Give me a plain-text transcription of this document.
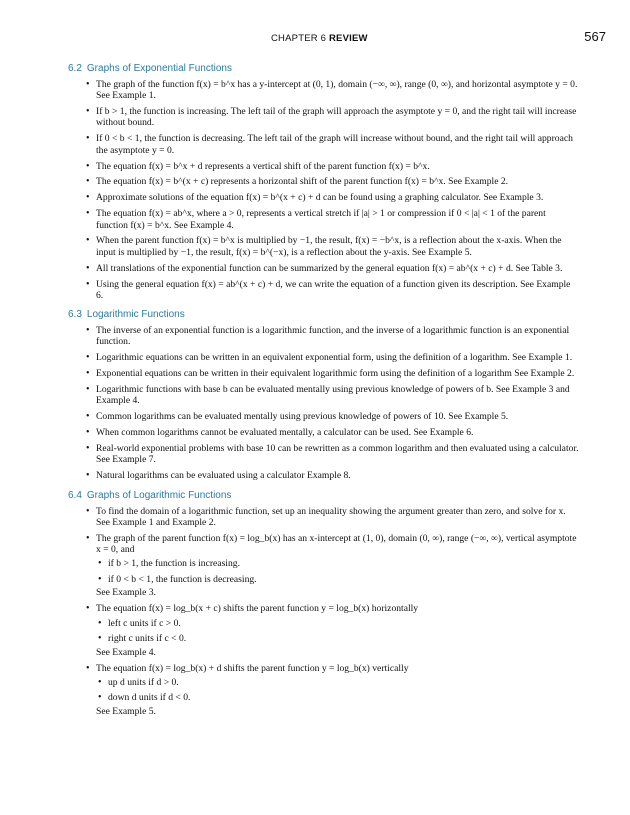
CHAPTER 6 REVIEW	567
6.2 Graphs of Exponential Functions
• The graph of the function f(x) = b^x has a y-intercept at (0, 1), domain (−∞, ∞), range (0, ∞), and horizontal asymptote y = 0. See Example 1.
• If b > 1, the function is increasing. The left tail of the graph will approach the asymptote y = 0, and the right tail will increase without bound.
• If 0 < b < 1, the function is decreasing. The left tail of the graph will increase without bound, and the right tail will approach the asymptote y = 0.
• The equation f(x) = b^x + d represents a vertical shift of the parent function f(x) = b^x.
• The equation f(x) = b^(x + c) represents a horizontal shift of the parent function f(x) = b^x. See Example 2.
• Approximate solutions of the equation f(x) = b^(x + c) + d can be found using a graphing calculator. See Example 3.
• The equation f(x) = ab^x, where a > 0, represents a vertical stretch if |a| > 1 or compression if 0 < |a| < 1 of the parent function f(x) = b^x. See Example 4.
• When the parent function f(x) = b^x is multiplied by −1, the result, f(x) = −b^x, is a reflection about the x-axis. When the input is multiplied by −1, the result, f(x) = b^(−x), is a reflection about the y-axis. See Example 5.
• All translations of the exponential function can be summarized by the general equation f(x) = ab^(x + c) + d. See Table 3.
• Using the general equation f(x) = ab^(x + c) + d, we can write the equation of a function given its description. See Example 6.
6.3 Logarithmic Functions
• The inverse of an exponential function is a logarithmic function, and the inverse of a logarithmic function is an exponential function.
• Logarithmic equations can be written in an equivalent exponential form, using the definition of a logarithm. See Example 1.
• Exponential equations can be written in their equivalent logarithmic form using the definition of a logarithm See Example 2.
• Logarithmic functions with base b can be evaluated mentally using previous knowledge of powers of b. See Example 3 and Example 4.
• Common logarithms can be evaluated mentally using previous knowledge of powers of 10. See Example 5.
• When common logarithms cannot be evaluated mentally, a calculator can be used. See Example 6.
• Real-world exponential problems with base 10 can be rewritten as a common logarithm and then evaluated using a calculator. See Example 7.
• Natural logarithms can be evaluated using a calculator Example 8.
6.4 Graphs of Logarithmic Functions
• To find the domain of a logarithmic function, set up an inequality showing the argument greater than zero, and solve for x. See Example 1 and Example 2.
• The graph of the parent function f(x) = log_b(x) has an x-intercept at (1, 0), domain (0, ∞), range (−∞, ∞), vertical asymptote x = 0, and
• if b > 1, the function is increasing.
• if 0 < b < 1, the function is decreasing.
See Example 3.
• The equation f(x) = log_b(x + c) shifts the parent function y = log_b(x) horizontally
• left c units if c > 0.
• right c units if c < 0.
See Example 4.
• The equation f(x) = log_b(x) + d shifts the parent function y = log_b(x) vertically
• up d units if d > 0.
• down d units if d < 0.
See Example 5.
